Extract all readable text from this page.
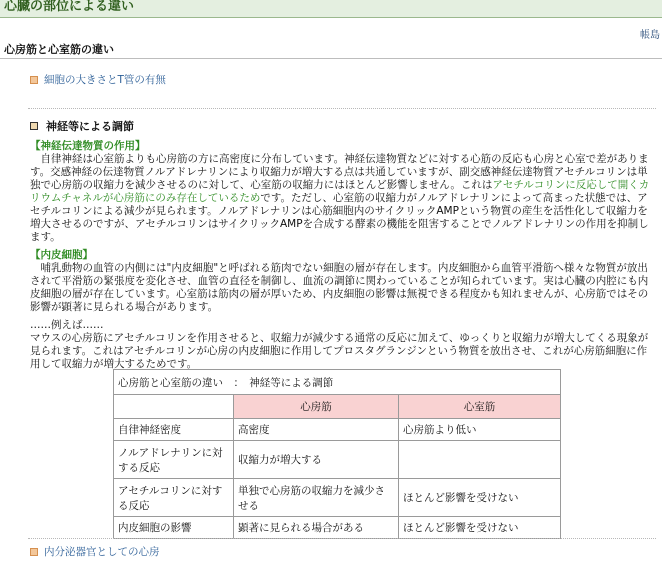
心臓の部位による違い
帳島
心房筋と心室筋の違い
細胞の大きさとT管の有無
神経等による調節

【神経伝達物質の作用】

　自律神経は心室筋よりも心房筋の方に高密度に分布しています。神経伝達物質などに対する心筋の反応も心房と心室で差があります。交感神経の伝達物質ノルアドレナリンにより収縮力が増大する点は共通していますが、副交感神経伝達物質アセチルコリンは単独で心房筋の収縮力を減少させるのに対して、心室筋の収縮力にはほとんど影響しません。これはアセチルコリンに反応して開くカリウムチャネルが心房筋にのみ存在しているためです。ただし、心室筋の収縮力がノルアドレナリンによって高まった状態では、アセチルコリンによる減少が見られます。ノルアドレナリンは心筋細胞内のサイクリックAMPという物質の産生を活性化して収縮力を増大させるのですが、アセチルコリンはサイクリックAMPを合成する酵素の機能を阻害することでノルアドレナリンの作用を抑制します。

【内皮細胞】

　哺乳動物の血管の内側には"内皮細胞"と呼ばれる筋肉でない細胞の層が存在します。内皮細胞から血管平滑筋へ様々な物質が放出されて平滑筋の緊張度を変化させ、血管の直径を制御し、血流の調節に関わっていることが知られています。実は心臓の内腔にも内皮細胞の層が存在しています。心室筋は筋肉の層が厚いため、内皮細胞の影響は無視できる程度かも知れませんが、心房筋ではその影響が顕著に見られる場合があります。

……例えば……

マウスの心房筋にアセチルコリンを作用させると、収縮力が減少する通常の反応に加えて、ゆっくりと収縮力が増大してくる現象が見られます。これはアセチルコリンが心房の内皮細胞に作用してプロスタグランジンという物質を放出させ、これが心房筋細胞に作用して収縮力が増大するためです。

心房筋と心室筋の違い　：　神経等による調節		
	心房筋	心室筋
自律神経密度	高密度	心房筋より低い
ノルアドレナリンに対する反応	収縮力が増大する	
アセチルコリンに対する反応	単独で心房筋の収縮力を減少させる	ほとんど影響を受けない
内皮細胞の影響	顕著に見られる場合がある	ほとんど影響を受けない
内分泌器官としての心房
